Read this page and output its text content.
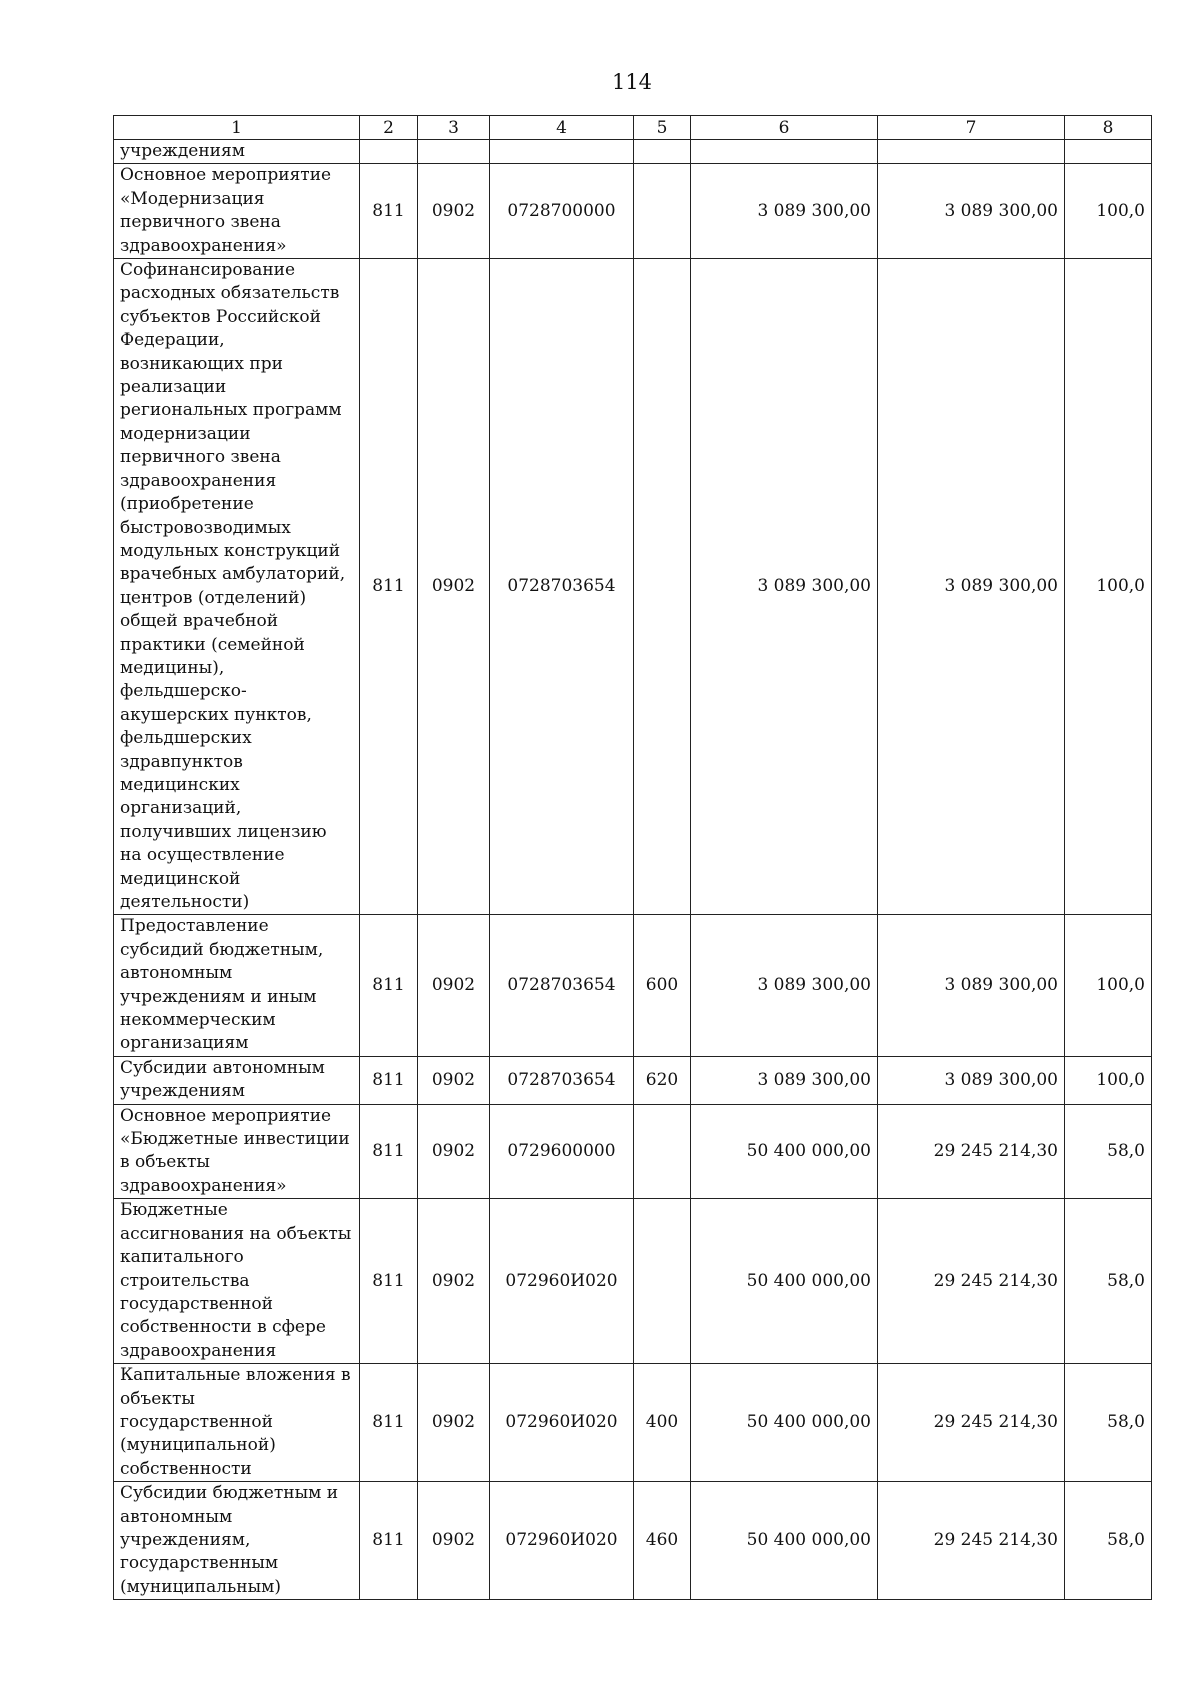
114
1	2	3	4	5	6	7	8
учреждениям							
Основное мероприятие «Модернизация первичного звена здравоохранения»	811	0902	0728700000		3 089 300,00	3 089 300,00	100,0
Софинансирование расходных обязательств субъектов Российской Федерации, возникающих при реализации региональных программ модернизации первичного звена здравоохранения (приобретение быстровозводимых модульных конструкций врачебных амбулаторий, центров (отделений) общей врачебной практики (семейной медицины), фельдшерско-акушерских пунктов, фельдшерских здравпунктов медицинских организаций, получивших лицензию на осуществление медицинской деятельности)	811	0902	0728703654		3 089 300,00	3 089 300,00	100,0
Предоставление субсидий бюджетным, автономным учреждениям и иным некоммерческим организациям	811	0902	0728703654	600	3 089 300,00	3 089 300,00	100,0
Субсидии автономным учреждениям	811	0902	0728703654	620	3 089 300,00	3 089 300,00	100,0
Основное мероприятие «Бюджетные инвестиции в объекты здравоохранения»	811	0902	0729600000		50 400 000,00	29 245 214,30	58,0
Бюджетные ассигнования на объекты капитального строительства государственной собственности в сфере здравоохранения	811	0902	072960И020		50 400 000,00	29 245 214,30	58,0
Капитальные вложения в объекты государственной (муниципальной) собственности	811	0902	072960И020	400	50 400 000,00	29 245 214,30	58,0
Субсидии бюджетным и автономным учреждениям, государственным (муниципальным)	811	0902	072960И020	460	50 400 000,00	29 245 214,30	58,0
